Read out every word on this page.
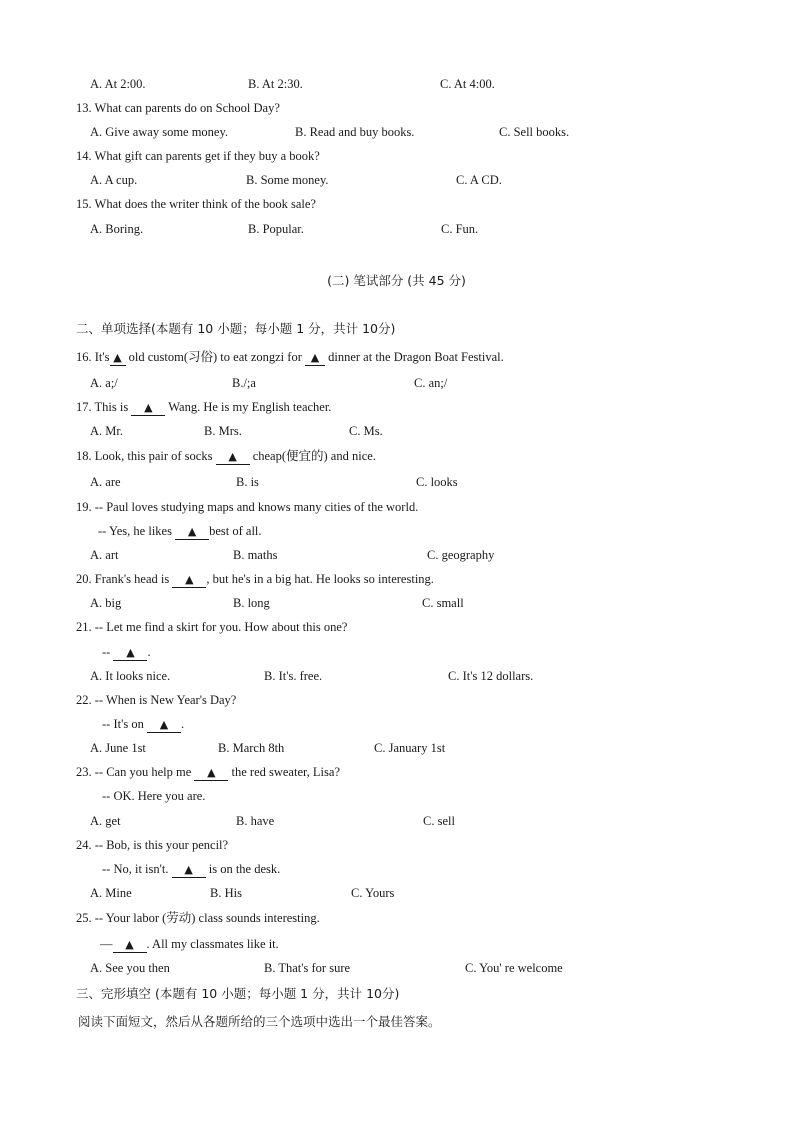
A. At 2:00.	B. At 2:30.	C. At 4:00.
13. What can parents do on School Day?
A. Give away some money.	B. Read and buy books.	C. Sell books.
14. What gift can parents get if they buy a book?
A. A cup.	B. Some money.	C. A CD.
15. What does the writer think of the book sale?
A. Boring.	B. Popular.	C. Fun.
(二) 笔试部分 (共 45 分)
二、单项选择(本题有 10 小题；每小题 1 分，共计 10分)
16. It's ▲ old custom(习俗) to eat zongzi for ▲ dinner at the Dragon Boat Festival.
A. a;/	B./;a	C. an;/
17. This is ▲ Wang. He is my English teacher.
A. Mr.	B. Mrs.	C. Ms.
18. Look, this pair of socks ▲ cheap(便宜的) and nice.
A. are	B. is	C. looks
19. -- Paul loves studying maps and knows many cities of the world.
-- Yes, he likes ▲ best of all.
A. art	B. maths	C. geography
20. Frank's head is ▲ , but he's in a big hat. He looks so interesting.
A. big	B. long	C. small
21. -- Let me find a skirt for you. How about this one?
-- ▲ .
A. It looks nice.	B. It's. free.	C. It's 12 dollars.
22. -- When is New Year's Day?
-- It's on ▲ .
A. June 1st	B. March 8th	C. January 1st
23. -- Can you help me ▲ the red sweater, Lisa?
-- OK. Here you are.
A. get	B. have	C. sell
24. -- Bob, is this your pencil?
-- No, it isn't. ▲ is on the desk.
A. Mine	B. His	C. Yours
25. -- Your labor (劳动) class sounds interesting.
— ▲ . All my classmates like it.
A. See you then	B. That's for sure	C. You' re welcome
三、完形填空 (本题有 10 小题；每小题 1 分，共计 10分)
阅读下面短文，然后从各题所给的三个选项中选出一个最佳答案。
